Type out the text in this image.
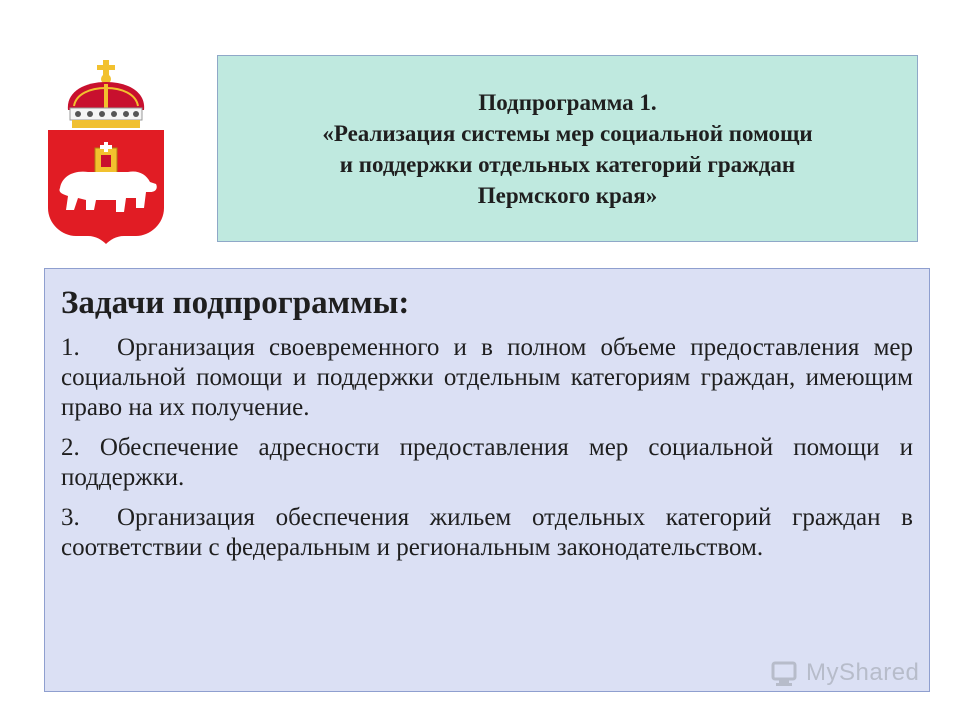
Подпрограмма 1.
«Реализация системы мер социальной помощи
и поддержки отдельных категорий граждан
Пермского края»
Задачи подпрограммы:

1. Организация своевременного и в полном объеме предоставления мер социальной помощи и поддержки отдельным категориям граждан, имеющим право на их получение.

2. Обеспечение адресности предоставления мер социальной помощи и поддержки.

3. Организация обеспечения жильем отдельных категорий граждан в соответствии с федеральным и региональным законодательством.

MyShared
